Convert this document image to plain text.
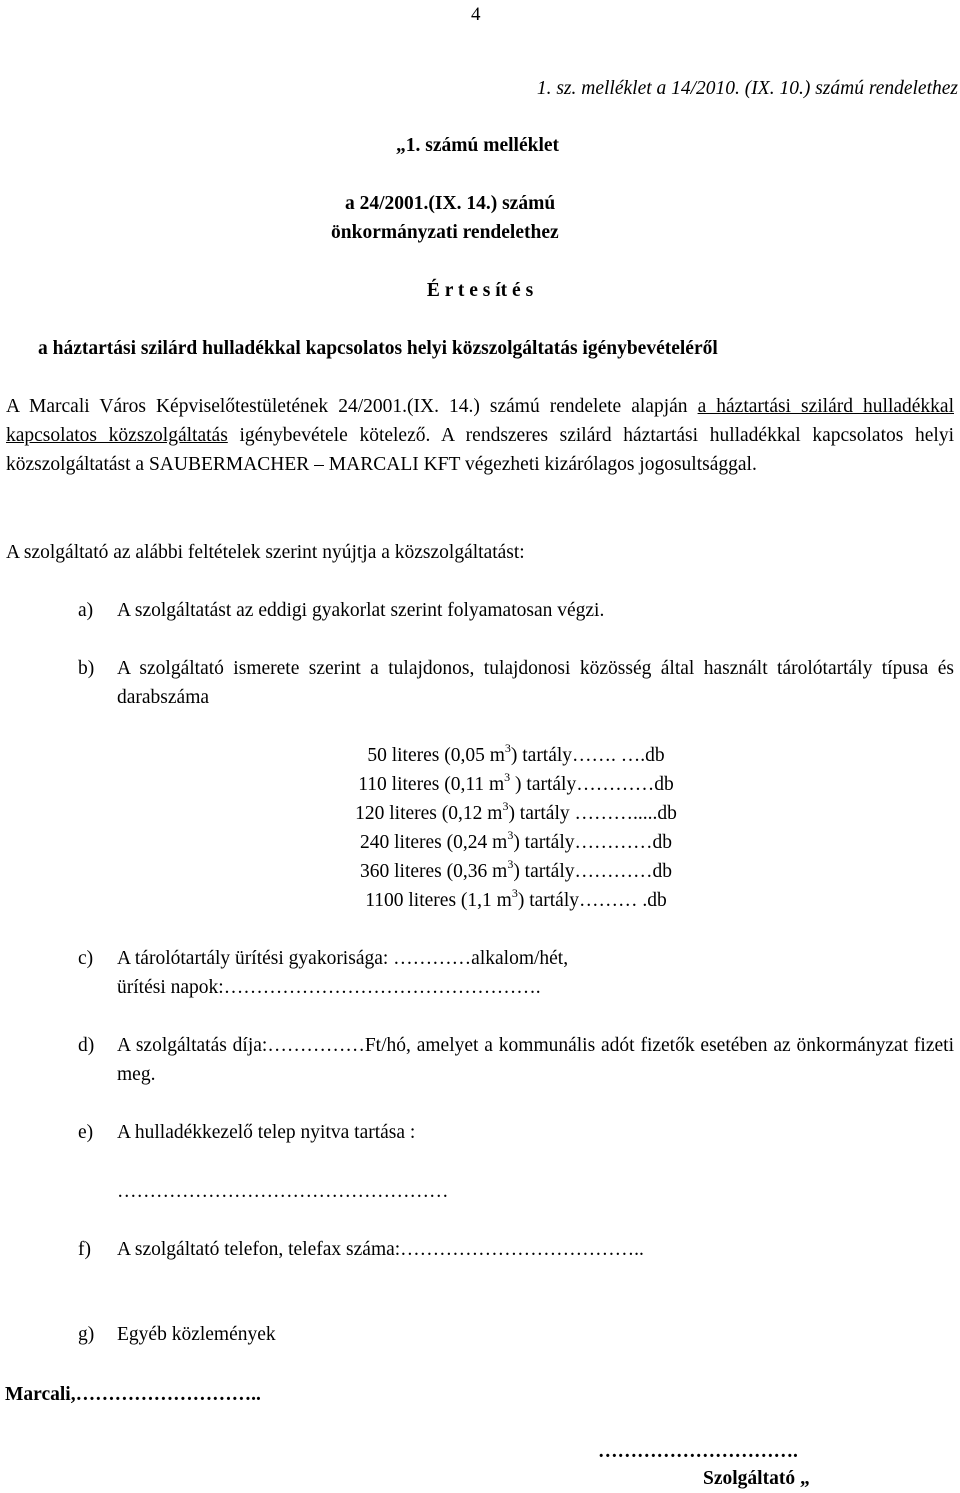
4
1. sz. melléklet a 14/2010. (IX. 10.) számú rendelethez
„1. számú melléklet
a 24/2001.(IX. 14.) számú
önkormányzati rendelethez
É r t e s ít é s
a háztartási szilárd hulladékkal kapcsolatos helyi közszolgáltatás igénybevételéről

A Marcali Város Képviselőtestületének 24/2001.(IX. 14.) számú rendelete alapján a háztartási szilárd hulladékkal kapcsolatos közszolgáltatás igénybevétele kötelező. A rendszeres szilárd háztartási hulladékkal kapcsolatos helyi közszolgáltatást a SAUBERMACHER – MARCALI KFT végezheti kizárólagos jogosultsággal.

A szolgáltató az alábbi feltételek szerint nyújtja a közszolgáltatást:
a) A szolgáltatást az eddigi gyakorlat szerint folyamatosan végzi.
b) A szolgáltató ismerete szerint a tulajdonos, tulajdonosi közösség által használt tárolótartály típusa és darabszáma
50 literes (0,05 $m^3$) tartály……. ….db
110 literes (0,11 $m^3$ ) tartály…………db
120 literes (0,12 $m^3$) tartály ……….....db
240 literes (0,24 $m^3$) tartály…………db
360 literes (0,36 $m^3$) tartály…………db
1100 literes (1,1 $m^3$) tartály……… .db
c) A tárolótartály ürítési gyakorisága: …………alkalom/hét,
ürítési napok:………………………………………….
d) A szolgáltatás díja:……………Ft/hó, amelyet a kommunális adót fizetők esetében az önkormányzat fizeti meg.
e) A hulladékkezelő telep nyitva tartása :
……………………………………………
f) A szolgáltató telefon, telefax száma:………………………………..
g) Egyéb közlemények
Marcali,………………………..
………………………….
Szolgáltató „
